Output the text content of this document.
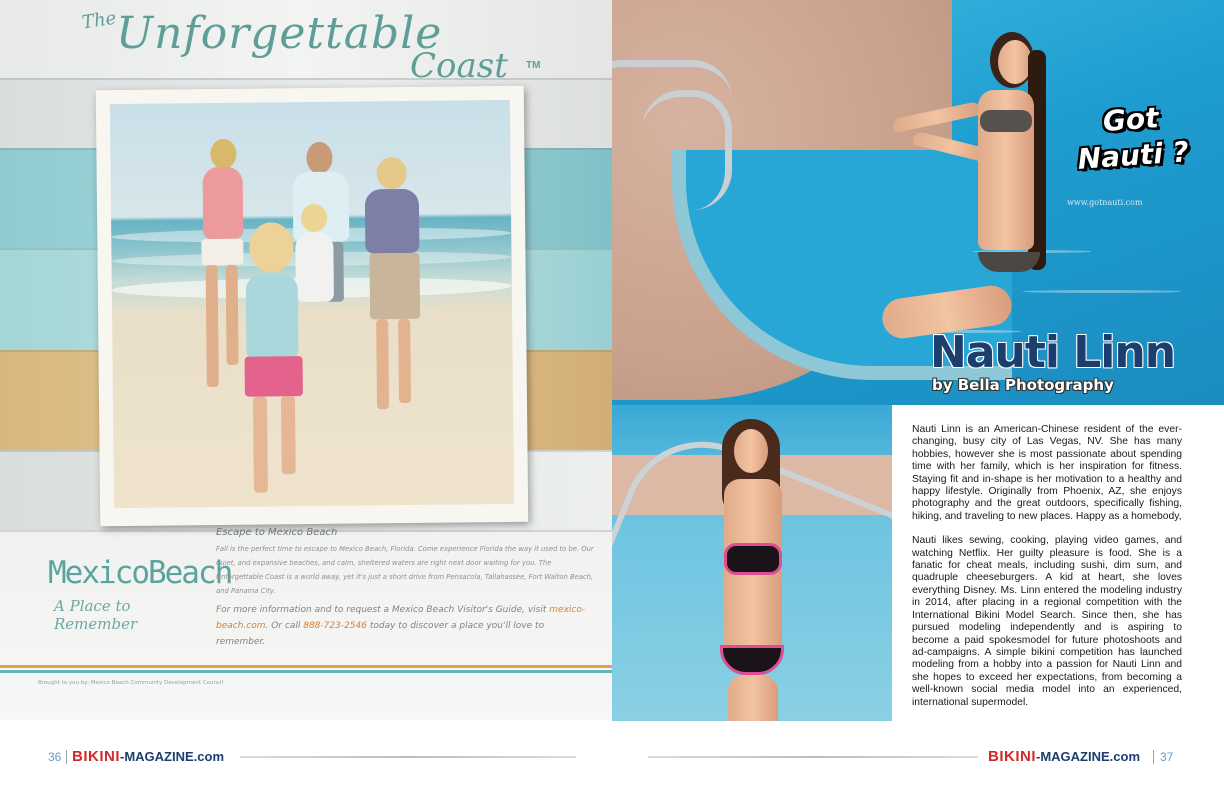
The
Unforgettable
Coast TM
MexicoBeach
A Place to Remember
Escape to Mexico Beach
Fall is the perfect time to escape to Mexico Beach, Florida. Come experience Florida the way it used to be. Our quiet, and expansive beaches, and calm, sheltered waters are right next door waiting for you. The Unforgettable Coast is a world away, yet it's just a short drive from Pensacola, Tallahassee, Fort Walton Beach, and Panama City.
For more information and to request a Mexico Beach Visitor's Guide, visit mexico-beach.com. Or call 888-723-2546 today to discover a place you'll love to remember.
Brought to you by: Mexico Beach Community Development Council
Got
Nauti ?
www.gotnauti.com
Nauti Linn
by Bella Photography

Nauti Linn is an American-Chinese resident of the ever-changing, busy city of Las Vegas, NV. She has many hobbies, however she is most passionate about spending time with her family, which is her inspiration for fitness. Staying fit and in-shape is her motivation to a healthy and happy lifestyle. Originally from Phoenix, AZ, she enjoys photography and the great outdoors, specifically fishing, hiking, and traveling to new places. Happy as a homebody,

Nauti likes sewing, cooking, playing video games, and watching Netflix. Her guilty pleasure is food. She is a fanatic for cheat meals, including sushi, dim sum, and quadruple cheeseburgers. A kid at heart, she loves everything Disney. Ms. Linn entered the modeling industry in 2014, after placing in a regional competition with the International Bikini Model Search. Since then, she has pursued modeling independently and is aspiring to become a paid spokesmodel for future photoshoots and ad-campaigns. A simple bikini competition has launched modeling from a hobby into a passion for Nauti Linn and she hopes to exceed her expectations, from becoming a well-known social media model into an experienced, international supermodel.

36 BIKINI-MAGAZINE.com	BIKINI-MAGAZINE.com 37
